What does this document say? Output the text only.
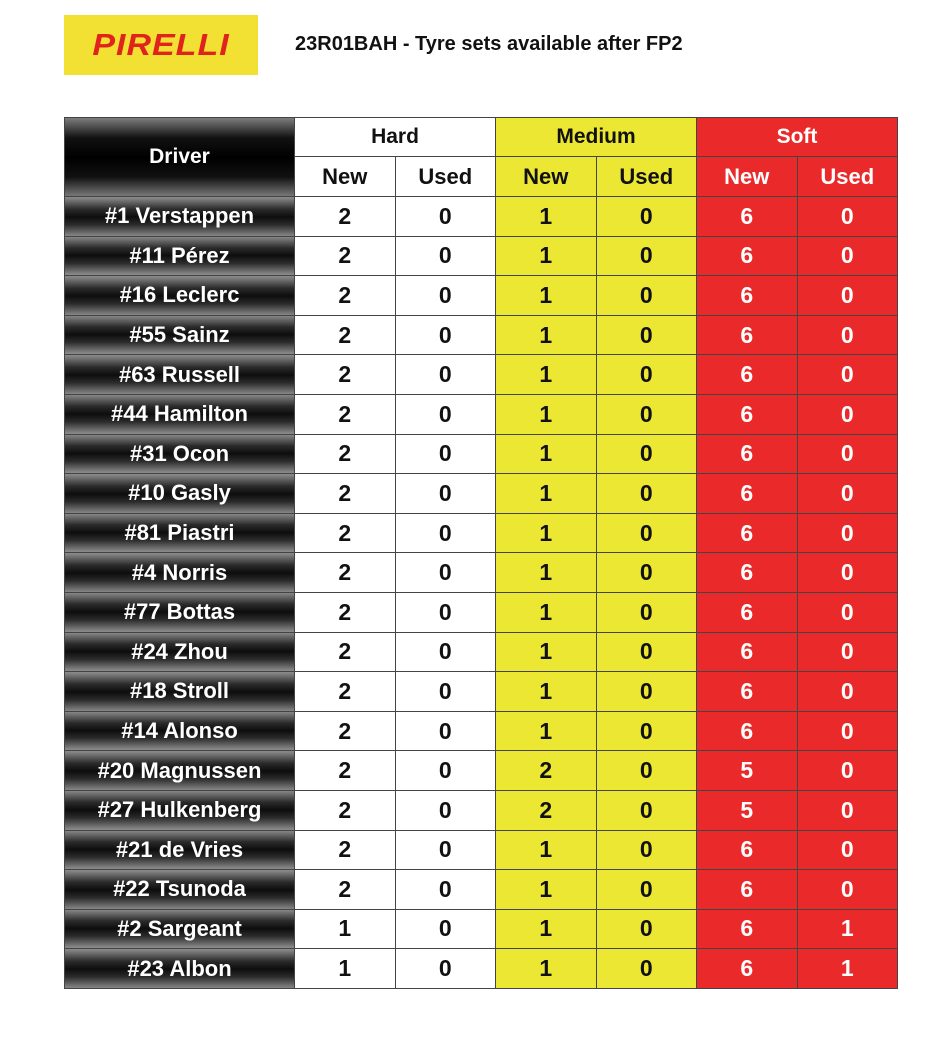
PIRELLI	23R01BAH - Tyre sets available after FP2
Driver	Hard		Medium		Soft	
	New	Used	New	Used	New	Used
#1 Verstappen	2	0	1	0	6	0
#11 Pérez	2	0	1	0	6	0
#16 Leclerc	2	0	1	0	6	0
#55 Sainz	2	0	1	0	6	0
#63 Russell	2	0	1	0	6	0
#44 Hamilton	2	0	1	0	6	0
#31 Ocon	2	0	1	0	6	0
#10 Gasly	2	0	1	0	6	0
#81 Piastri	2	0	1	0	6	0
#4 Norris	2	0	1	0	6	0
#77 Bottas	2	0	1	0	6	0
#24 Zhou	2	0	1	0	6	0
#18 Stroll	2	0	1	0	6	0
#14 Alonso	2	0	1	0	6	0
#20 Magnussen	2	0	2	0	5	0
#27 Hulkenberg	2	0	2	0	5	0
#21 de Vries	2	0	1	0	6	0
#22 Tsunoda	2	0	1	0	6	0
#2 Sargeant	1	0	1	0	6	1
#23 Albon	1	0	1	0	6	1
